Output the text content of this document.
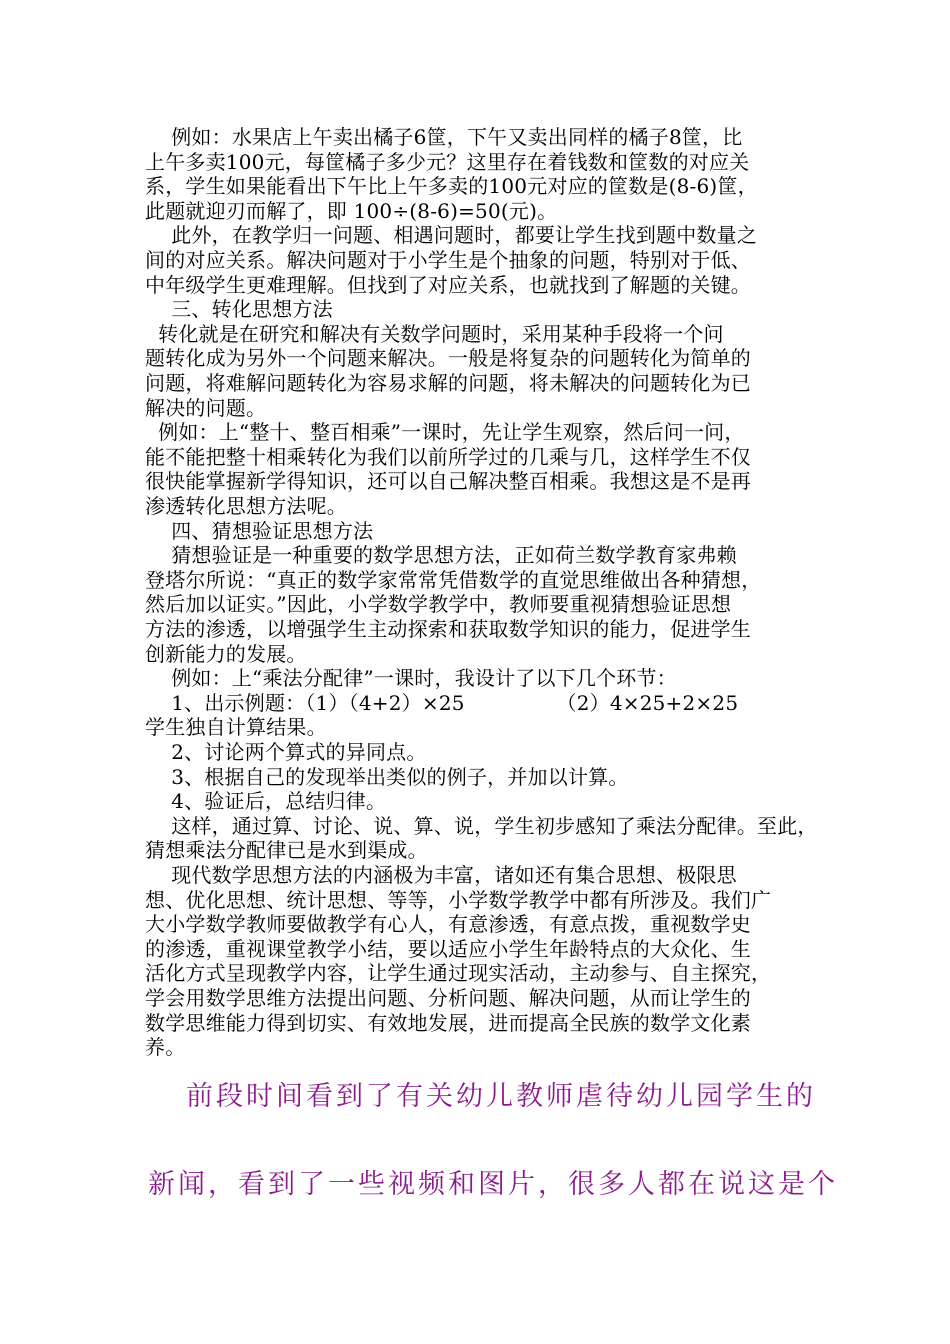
例如：水果店上午卖出橘子6筐，下午又卖出同样的橘子8筐，比
上午多卖100元，每筐橘子多少元？这里存在着钱数和筐数的对应关
系，学生如果能看出下午比上午多卖的100元对应的筐数是(8-6)筐，
此题就迎刃而解了，即 100÷(8-6)=50(元)。
此外，在教学归一问题、相遇问题时，都要让学生找到题中数量之
间的对应关系。解决问题对于小学生是个抽象的问题，特别对于低、
中年级学生更难理解。但找到了对应关系，也就找到了解题的关键。
三、转化思想方法
转化就是在研究和解决有关数学问题时，采用某种手段将一个问
题转化成为另外一个问题来解决。一般是将复杂的问题转化为简单的
问题，将难解问题转化为容易求解的问题，将未解决的问题转化为已
解决的问题。
例如：上“整十、整百相乘”一课时，先让学生观察，然后问一问，
能不能把整十相乘转化为我们以前所学过的几乘与几，这样学生不仅
很快能掌握新学得知识，还可以自己解决整百相乘。我想这是不是再
渗透转化思想方法呢。
四、猜想验证思想方法
猜想验证是一种重要的数学思想方法，正如荷兰数学教育家弗赖
登塔尔所说：“真正的数学家常常凭借数学的直觉思维做出各种猜想，
然后加以证实。”因此，小学数学教学中，教师要重视猜想验证思想
方法的渗透，以增强学生主动探索和获取数学知识的能力，促进学生
创新能力的发展。
例如：上“乘法分配律”一课时，我设计了以下几个环节：
1、出示例题：（1）（4+2）×25              （2）4×25+2×25
学生独自计算结果。
2、讨论两个算式的异同点。
3、根据自己的发现举出类似的例子，并加以计算。
4、验证后，总结归律。
这样，通过算、讨论、说、算、说，学生初步感知了乘法分配律。至此，
猜想乘法分配律已是水到渠成。
现代数学思想方法的内涵极为丰富，诸如还有集合思想、极限思
想、优化思想、统计思想、等等，小学数学教学中都有所涉及。我们广
大小学数学教师要做教学有心人，有意渗透，有意点拨，重视数学史
的渗透，重视课堂教学小结，要以适应小学生年龄特点的大众化、生
活化方式呈现教学内容，让学生通过现实活动，主动参与、自主探究，
学会用数学思维方法提出问题、分析问题、解决问题，从而让学生的
数学思维能力得到切实、有效地发展，进而提高全民族的数学文化素
养。
前段时间看到了有关幼儿教师虐待幼儿园学生的
新闻，看到了一些视频和图片，很多人都在说这是个
